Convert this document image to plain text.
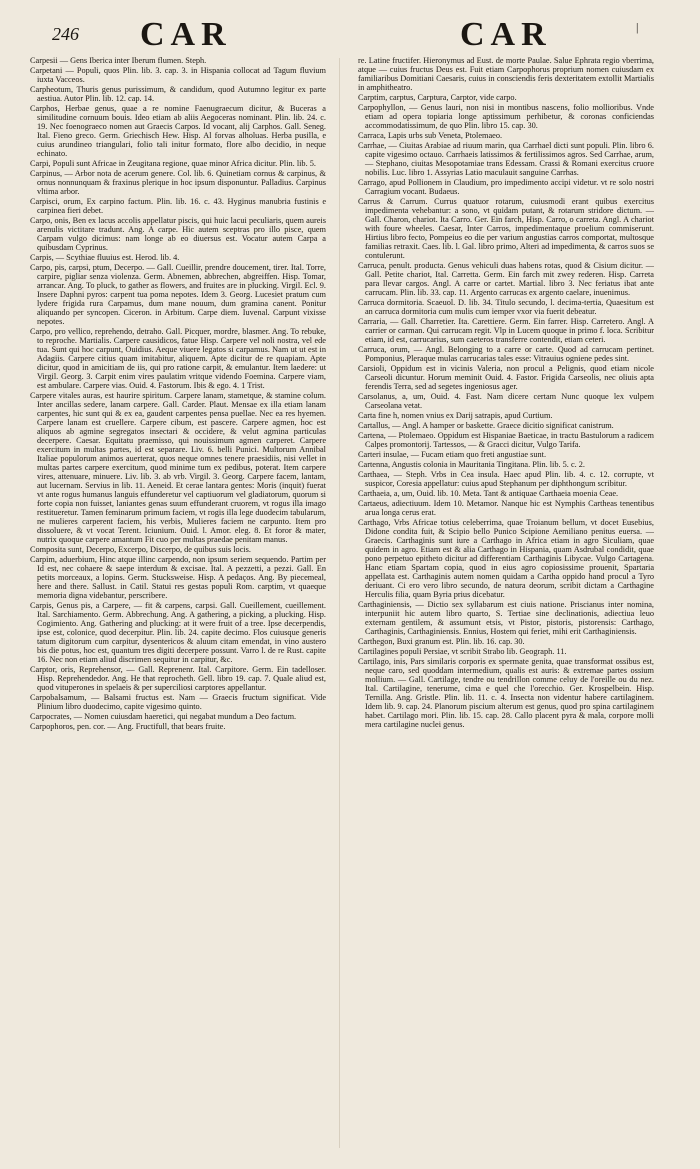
246 CAR	CAR	|

Carpesii — Gens Iberica inter Iberum flumen. Steph.

Carpetani — Populi, quos Plin. lib. 3. cap. 3. in Hispania collocat ad Tagum fluvium iuxta Vacceos.

Carpheotum, Thuris genus purissimum, & candidum, quod Autumno legitur ex parte aestiua. Autor Plin. lib. 12. cap. 14.

Carphos, Herbae genus, quae a re nomine Faenugraecum dicitur, & Buceras a similitudine cornuum bouis. Ideo etiam ab aliis Aegoceras nominant. Plin. lib. 24. c. 19. Nec foenograeco nomen aut Graecis Carpos. Id vocant, alij Carphos. Gall. Seneg. Ital. Fieno greco. Germ. Griechisch Hew. Hisp. Al forvas alholuas. Herba pusilla, e cuius arundineo triangulari, folio tali initur formato, flore albo decidio, in neque echinato.

Carpi, Populi sunt Africae in Zeugitana regione, quae minor Africa dicitur. Plin. lib. 5.

Carpinus, — Arbor nota de acerum genere. Col. lib. 6. Quinetiam cornus & carpinus, & ornus nonnunquam & fraxinus plerique in hoc ipsum disponuntur. Palladius. Carpinus vltima arbor.

Carpisci, orum, Ex carpino factum. Plin. lib. 16. c. 43. Hyginus manubria fustinis e carpinea fieri debet.

Carpo, onis, Ben ex lacus accolis appellatur piscis, qui huic lacui peculiaris, quem aureis arenulis victitare tradunt. Ang. A carpe. Hic autem sceptras pro illo pisce, quem Carpam vulgo dicimus: nam longe ab eo diuersus est. Vocatur autem Carpa a quibusdam Cyprinus.

Carpis, — Scythiae fluuius est. Herod. lib. 4.

Carpo, pis, carpsi, ptum, Decerpo. — Gall. Cueillir, prendre doucement, tirer. Ital. Torre, carpire, pigliar senza violenza. Germ. Abnemen, abbrechen, abgreiffen. Hisp. Tomar, arrancar. Ang. To pluck, to gather as flowers, and fruites are in plucking. Virgil. Ecl. 9. Insere Daphni pyros: carpent tua poma nepotes. Idem 3. Georg. Lucesiet pratum cum lydere frigida rura Carpamus, dum mane nouum, dum gramina canent. Ponitur aliquando per syncopen. Ciceron. in Arbitum. Carpe diem. Iuvenal. Carpunt vixisse nepotes.

Carpo, pro vellico, reprehendo, detraho. Gall. Picquer, mordre, blasmer. Ang. To rebuke, to reproche. Martialis. Carpere causidicos, fatue Hisp. Carpere vel noli nostra, vel ede tua. Sunt qui hoc carpunt, Ouidius. Aeque viuere legatos si carpamus. Nam ut ut est in Adagiis. Carpere citius quam imitabitur, aliquem. Apte dicitur de re quapiam. Apte dicitur, quod in amicitiam de iis, qui pro ratione carpit, & emulantur. Item laedere: ut Virgil. Georg. 3. Carpit enim vires paulatim vritque videndo Foemina. Carpere viam, est ambulare. Carpere vias. Ouid. 4. Fastorum. Ibis & ego. 4. 1 Trist.

Carpere vitales auras, est haurire spiritum. Carpere lanam, stametque, & stamine colum. Inter ancillas sedere, lanam carpere. Gall. Carder. Plaut. Mensae ex illa etiam lanam carpentes, hic sunt qui & ex ea, gaudent carpentes pensa puellae. Nec ea res hyemen. Carpere lanam est cruellere. Carpere cibum, est pascere. Carpere agmen, hoc est aliquos ab agmine segregatos insectari & occidere, & velut agmina particulas decerpere. Caesar. Equitatu praemisso, qui nouissimum agmen carperet. Carpere exercitum in multas partes, id est separare. Liv. 6. belli Punici. Multorum Annibal Italiae populorum animos auerterat, quos neque omnes tenere praesidiis, nisi vellet in multas partes carpere exercitum, quod minime tum ex pedibus, poterat. Item carpere vires, attenuare, minuere. Liv. lib. 3. ab vrb. Virgil. 3. Georg. Carpere facem, lantam, aut lucernam. Servius in lib. 11. Aeneid. Et cerae lantara gentes: Moris (inquit) fuerat vt ante rogus humanus languis effunderetur vel captiuorum vel gladiatorum, quorum si forte copia non fuisset, laniantes genas suum effunderant cruorem, vt rogus illa imago restitueretur. Tamen feminarum primum faciem, vt rogis illa lege duodecim tabularum, ne mulieres carperent faciem, his verbis, Mulieres faciem ne carpunto. Item pro dissoluere, & vt vocat Terent. Iciunium. Ouid. l. Amor. eleg. 8. Et foror & mater, nutrix quoque carpere amantum Fit cuo per multas praedae penitam manus.

Composita sunt, Decerpo, Excerpo, Discerpo, de quibus suis locis.

Carpim, aduerbium, Hinc atque illinc carpendo, non ipsum seriem sequendo. Partim per Id est, nec cohaere & saepe interdum & excisae. Ital. A pezzetti, a pezzi. Gall. En petits morceaux, a lopins. Germ. Stucksweise. Hisp. A pedaços. Ang. By piecemeal, here and there. Sallust. in Catil. Statui res gestas populi Rom. carptim, vt quaeque memoria digna videbantur, perscribere.

Carpis, Genus pis, a Carpere, — fit & carpens, carpsi. Gall. Cueillement, cueillement. Ital. Sarchiamento. Germ. Abbrechung. Ang. A gathering, a picking, a plucking. Hisp. Cogimiento. Ang. Gathering and plucking: at it were fruit of a tree. Ipse decerpendis, ipse est, colonice, quod decerpitur. Plin. lib. 24. capite decimo. Flos cuiusque generis tatum digitorum cum carpitur, dysentericos & aluum citam emendat, in vino austero bis die potus, hoc est, quantum tres digiti decerpere possunt. Varro l. de re Rust. capite 16. Nec non etiam aliud discrimen sequitur in carpitur, &c.

Carptor, oris, Reprehensor, — Gall. Reprenenr. Ital. Carpitore. Germ. Ein tadelloser. Hisp. Reprehendedor. Ang. He that reprocheth. Gell. libro 19. cap. 7. Quale aliud est, quod vituperones in spelaeis & per superciliosi carptores appellantur.

Carpobalsamum, — Balsami fructus est. Nam — Graecis fructum significat. Vide Plinium libro duodecimo, capite vigesimo quinto.

Carpocrates, — Nomen cuiusdam haeretici, qui negabat mundum a Deo factum.

Carpophoros, pen. cor. — Ang. Fructifull, that bears fruite.

re. Latine fructifer. Hieronymus ad Eust. de morte Paulae. Salue Ephrata regio vberrima, atque — cuius fructus Deus est. Fuit etiam Carpophorus proprium nomen cuiusdam ex familiaribus Domitiani Caesaris, cuius in consciendis feris dexteritatem extollit Martialis in amphitheatro.

Carptim, carptus, Carptura, Carptor, vide carpo.

Carpophyllon, — Genus lauri, non nisi in montibus nascens, folio mollioribus. Vnde etiam ad opera topiaria longe aptissimum perhibetur, & coronas conficiendas accommodatissimum, de quo Plin. libro 15. cap. 30.

Carraca, Lapis urbs sub Veneta, Ptolemaeo.

Carrhae, — Ciuitas Arabiae ad riuum marin, qua Carrhael dicti sunt populi. Plin. libro 6. capite vigesimo octauo. Carrhaeis latissimos & fertilissimos agros. Sed Carrhae, arum, — Stephano, ciuitas Mesopotamiae trans Edessam. Crassi & Romani exercitus cruore nobilis. Luc. libro 1. Assyrias Latio maculauit sanguine Carrhas.

Carrago, apud Pollionem in Claudium, pro impedimento accipi videtur. vt re solo nostri Carragium vocant. Budaeus.

Carrus & Carrum. Currus quatuor rotarum, cuiusmodi erant quibus exercitus impedimenta vehebantur: a sono, vt quidam putant, & rotarum stridore dictum. — Gall. Charon, chariot. Ita Carro. Ger. Ein farch, Hisp. Carro, o carreta. Angl. A chariot with foure wheeles. Caesar, Inter Carros, impedimentaque proelium commiserunt. Hirtius libro fecto, Pompeius eo die per varium angustias carros comportat, multosque familias retraxit. Caes. lib. l. Gal. libro primo, Alteri ad impedimenta, & carros suos se contulerunt.

Carruca, penult. producta. Genus vehiculi duas habens rotas, quod & Cisium dicitur. — Gall. Petite chariot, Ital. Carretta. Germ. Ein farch mit zwey rederen. Hisp. Carreta para llevar cargos. Angl. A carre or cartet. Martial. libro 3. Nec feriatus ibat ante carrucam. Plin. lib. 33. cap. 11. Argento carrucas ex argento caelare, inuenimus.

Carruca dormitoria. Scaeuol. D. lib. 34. Titulo secundo, l. decima-tertia, Quaesitum est an carruca dormitoria cum mulis cum iemper vxor via fuerit debeatur.

Carraria, — Gall. Charretier. Ita. Carettiere. Germ. Ein farrer. Hisp. Carretero. Angl. A carrier or carman. Qui carrucam regit. Vlp in Lucem quoque in primo f. loca. Scribitur etiam, id est, carrucarius, sum caeteros transferre contendit, etiam ceteri.

Carruca, orum, — Angl. Belonging to a carre or carte. Quod ad carrucam pertinet. Pomponius, Pleraque mulas carrucarias tales esse: Vitrauius ogniene pedes sint.

Carsioli, Oppidum est in vicinis Valeria, non procul a Pelignis, quod etiam nicole Carseoli dicuntur. Horum meminit Ouid. 4. Fastor. Frigida Carseolis, nec oliuis apta ferendis Terra, sed ad segetes ingeniosus ager.

Carsolanus, a, um, Ouid. 4. Fast. Nam dicere certam Nunc quoque lex vulpem Carseolana vetat.

Carta fine h, nomen vnius ex Darij satrapis, apud Curtium.

Cartallus, — Angl. A hamper or baskette. Graece dicitio significat canistrum.

Cartena, — Ptolemaeo. Oppidum est Hispaniae Baeticae, in tractu Bastulorum a radicem Calpes promontorij. Tartessos, — & Gracci dicitur, Vulgo Tarifa.

Carteri insulae, — Fucam etiam quo freti angustiae sunt.

Cartenna, Angustis colonia in Mauritania Tingitana. Plin. lib. 5. c. 2.

Carthaea, — Steph. Vrbs in Cea insula. Haec apud Plin. lib. 4. c. 12. corrupte, vt suspicor, Coresia appellatur: cuius apud Stephanum per diphthongum scribitur.

Carthaeia, a, um, Ouid. lib. 10. Meta. Tant & antiquae Carthaeia moenia Ceae.

Cartaeus, adiectiuum. Idem 10. Metamor. Nanque hic est Nymphis Cartheas tenentibus arua longa cerus erat.

Carthago, Vrbs Africae totius celeberrima, quae Troianum bellum, vt docet Eusebius, Didone condita fuit, & Scipio bello Punico Scipione Aemiliano penitus euersa. — Graecis. Carthaginis sunt iure a Carthago in Africa etiam in agro Siculiam, quae quidem in agro. Etiam est & alia Carthago in Hispania, quam Asdrubal condidit, quae pono perpetuo epitheto dicitur ad differentiam Carthaginis Libycae. Vulgo Cartagena. Hanc etiam Spartam copia, quod in eius agro copiosissime prouenit, Spartaria appellata est. Carthaginis autem nomen quidam a Cartha oppido hand procul a Tyro deriuant. Ci ero vero libro secundo, de natura deorum, scribit dictam a Carthagine Herculis filia, quam Byria prius dicebatur.

Carthaginiensis, — Dictio sex syllabarum est ciuis natione. Priscianus inter nomina, interpuniit hic autem libro quarto, S. Tertiae sine declinationis, adiectiua leuo externam gentilem, & assumunt etsis, vt Pistor, pistoris, pistorensis: Carthago, Carthaginis, Carthaginiensis. Ennius, Hostem qui feriet, mihi erit Carthaginiensis.

Carthegon, Buxi granum est. Plin. lib. 16. cap. 30.

Cartilagines populi Persiae, vt scribit Strabo lib. Geograph. 11.

Cartilago, inis, Pars similaris corporis ex spermate genita, quae transformat ossibus est, neque caro, sed quoddam intermedium, qualis est auris: & extremae partes ossium mollium. — Gall. Cartilage, tendre ou tendrillon comme celuy de l'oreille ou du nez. Ital. Cartilagine, tenerume, cima e quel che l'orecchio. Ger. Krospelbein. Hisp. Ternilla. Ang. Gristle. Plin. lib. 11. c. 4. Insecta non videntur habere cartilaginem. Idem lib. 9. cap. 24. Planorum piscium alterum est genus, quod pro spina cartilaginem habet. Cartilago mori. Plin. lib. 15. cap. 28. Callo placent pyra & mala, corpore molli mera cartilagine nuclei genus.
